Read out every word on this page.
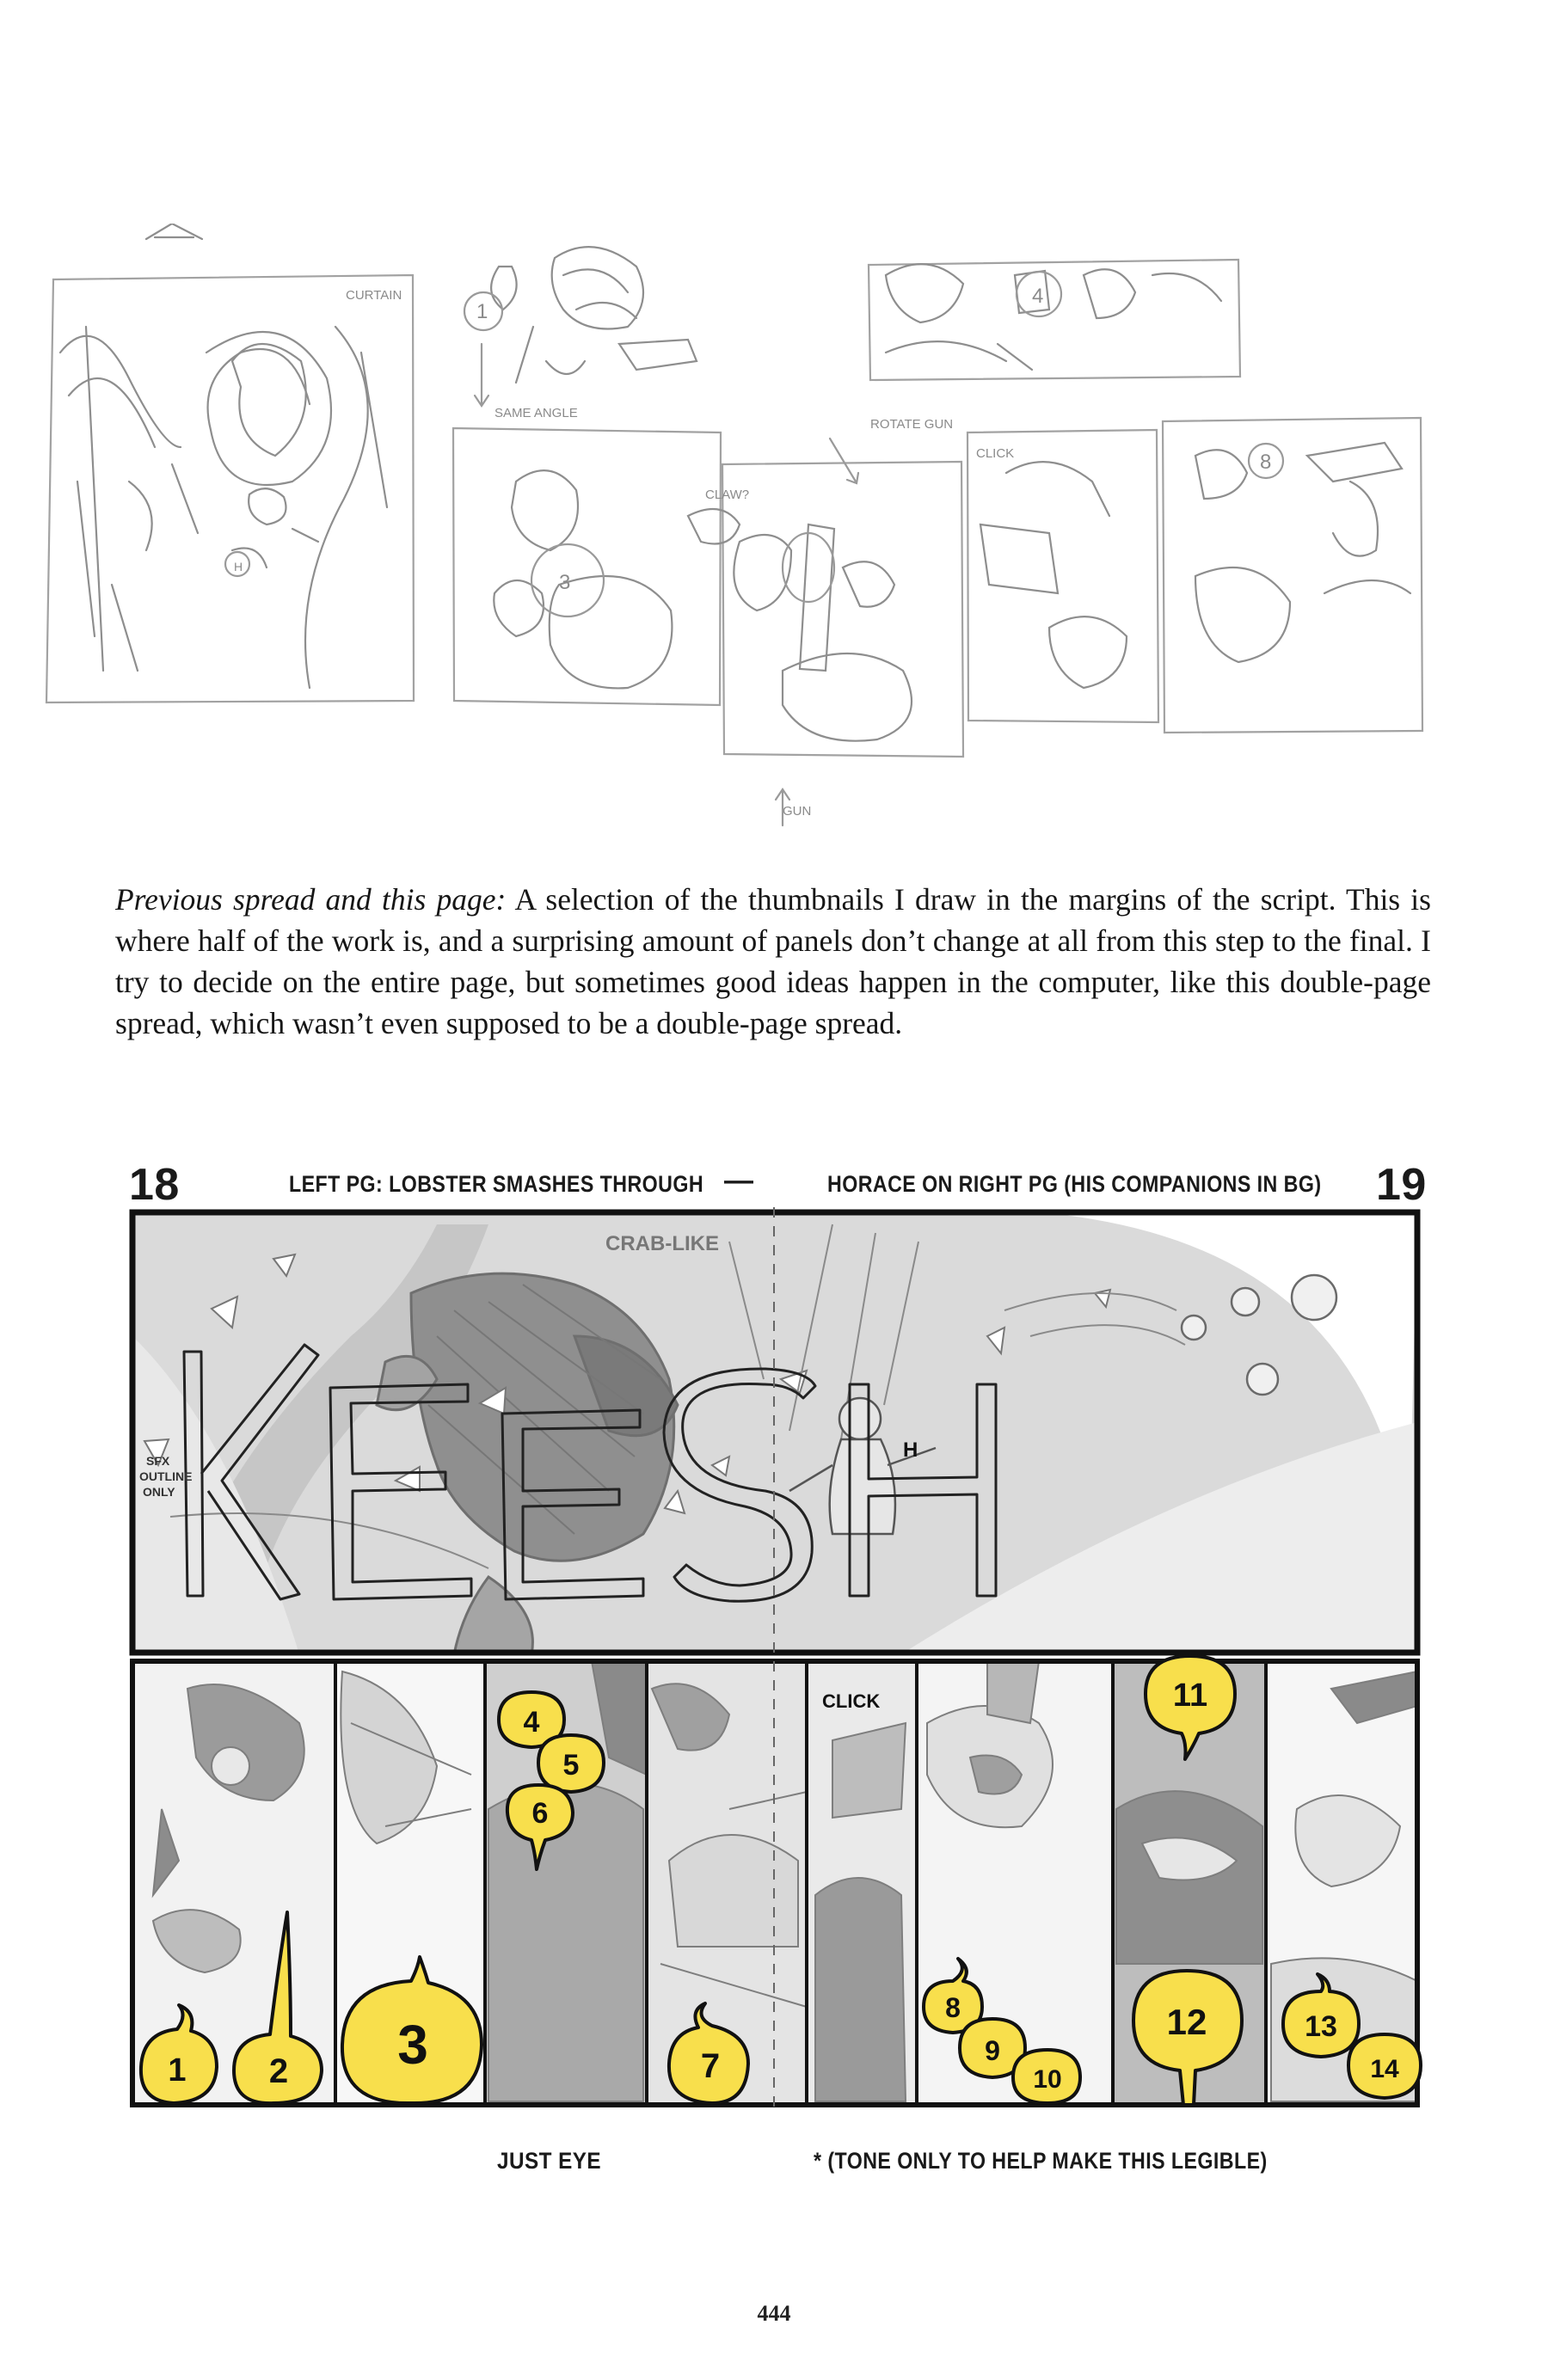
CURTAIN
SAME ANGLE
CLAW?
ROTATE GUN
CLICK
GUN
1
3
4
8
H
Previous spread and this page: A selection of the thumbnails I draw in the margins of the script. This is where half of the work is, and a surprising amount of panels don’t change at all from this step to the final. I try to decide on the entire page, but sometimes good ideas happen in the computer, like this double-page spread, which wasn’t even supposed to be a double-page spread.
18	LEFT PG: LOBSTER SMASHES THROUGH —	HORACE ON RIGHT PG (HIS COMPANIONS IN BG) 19
CRAB-LIKE
SFX
OUTLINE
ONLY
H
CLICK
1 2 3
4
5
6
7
8
9
10
11
12	13
14
JUST EYE	* (TONE ONLY TO HELP MAKE THIS LEGIBLE)
444
